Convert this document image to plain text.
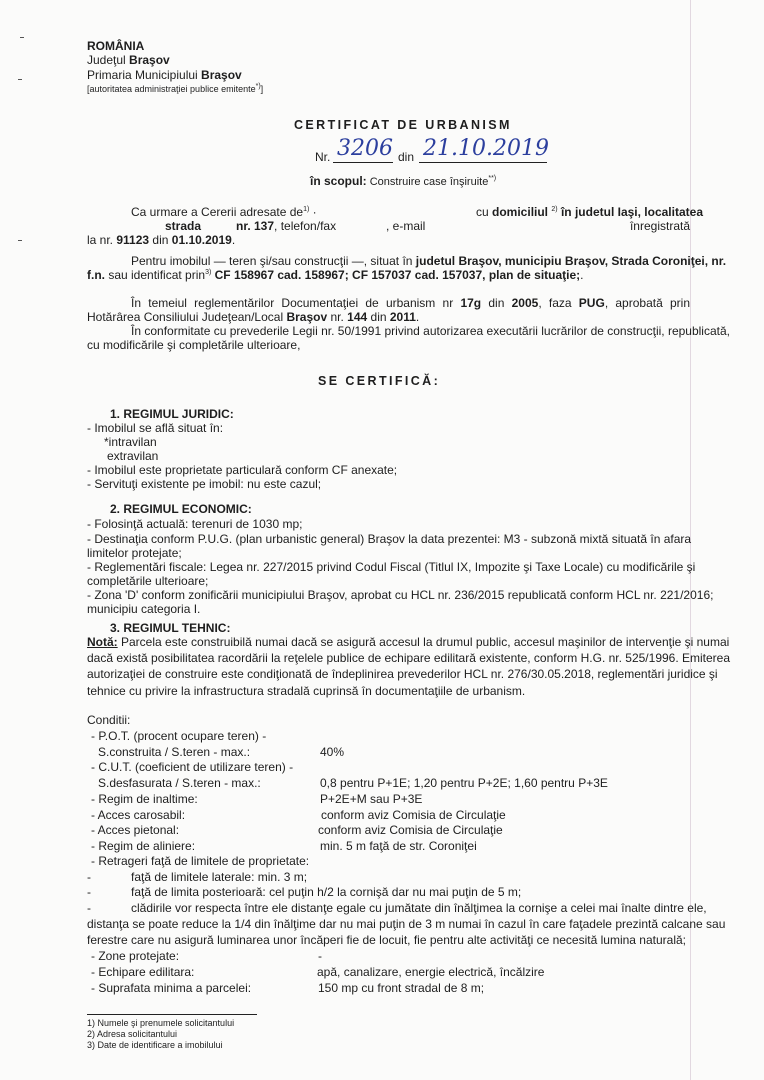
ROMÂNIA
Judeţul Braşov
Primaria Municipiului Braşov
[autoritatea administraţiei publice emitente*)]
CERTIFICAT DE URBANISM
Nr. 3206 din 21.10.2019
în scopul: Construire case înşiruite**)
Ca urmare a Cererii adresate $de^{1)}$ ·	cu domiciliul $^{2)}$ în judetul Iaşi, localitatea
strada	nr. 137, telefon/fax	, e-mail	înregistrată
la nr. 91123 din 01.10.2019.
Pentru imobilul — teren şi/sau construcţii —, situat în judetul Braşov, municipiu Braşov, Strada Coroniţei, nr.
f.n. sau identificat prin$^{3)}$ CF 158967 cad. 158967; CF 157037 cad. 157037, plan de situaţie;.
În temeiul reglementărilor Documentaţiei de urbanism nr 17g din 2005, faza PUG, aprobată prin
Hotărârea Consiliului Judeţean/Local Braşov nr. 144 din 2011.
În conformitate cu prevederile Legii nr. 50/1991 privind autorizarea executării lucrărilor de construcţii, republicată,
cu modificările şi completările ulterioare,
SE CERTIFICĂ:
1. REGIMUL JURIDIC:
- Imobilul se află situat în:
*intravilan
extravilan
- Imobilul este proprietate particulară conform CF anexate;
- Servituţi existente pe imobil: nu este cazul;
2. REGIMUL ECONOMIC:
- Folosinţă actuală: terenuri de 1030 mp;
- Destinaţia conform P.U.G. (plan urbanistic general) Braşov la data prezentei: M3 - subzonă mixtă situată în afara
limitelor protejate;
- Reglementări fiscale: Legea nr. 227/2015 privind Codul Fiscal (Titlul IX, Impozite şi Taxe Locale) cu modificările şi
completările ulterioare;
- Zona 'D' conform zonificării municipiului Braşov, aprobat cu HCL nr. 236/2015 republicată conform HCL nr. 221/2016;
municipiu categoria I.
3. REGIMUL TEHNIC:
Notă: Parcela este construibilă numai dacă se asigură accesul la drumul public, accesul maşinilor de intervenţie şi numai
dacă există posibilitatea racordării la reţelele publice de echipare edilitară existente, conform H.G. nr. 525/1996. Emiterea
autorizaţiei de construire este condiţionată de îndeplinirea prevederilor HCL nr. 276/30.05.2018, reglementări juridice şi
tehnice cu privire la infrastructura stradală cuprinsă în documentaţiile de urbanism.
Conditii:
- P.O.T. (procent ocupare teren) -
S.construita / S.teren - max.:	40%
- C.U.T. (coeficient de utilizare teren) -
S.desfasurata / S.teren - max.:	0,8 pentru P+1E; 1,20 pentru P+2E; 1,60 pentru P+3E
- Regim de inaltime:	P+2E+M sau P+3E
- Acces carosabil:	conform aviz Comisia de Circulaţie
- Acces pietonal:	conform aviz Comisia de Circulaţie
- Regim de aliniere:	min. 5 m faţă de str. Coroniţei
- Retrageri faţă de limitele de proprietate:
-	faţă de limitele laterale: min. 3 m;
-	faţă de limita posterioară: cel puţin h/2 la cornişă dar nu mai puţin de 5 m;
-	clădirile vor respecta între ele distanţe egale cu jumătate din înălţimea la cornişe a celei mai înalte dintre ele,
distanţa se poate reduce la 1/4 din înălţime dar nu mai puţin de 3 m numai în cazul în care faţadele prezintă calcane sau
ferestre care nu asigură luminarea unor încăperi fie de locuit, fie pentru alte activităţi ce necesită lumina naturală;
- Zone protejate:	-
- Echipare edilitara:	apă, canalizare, energie electrică, încălzire
- Suprafata minima a parcelei:	150 mp cu front stradal de 8 m;
1) Numele şi prenumele solicitantului
2) Adresa solicitantului
3) Date de identificare a imobilului
